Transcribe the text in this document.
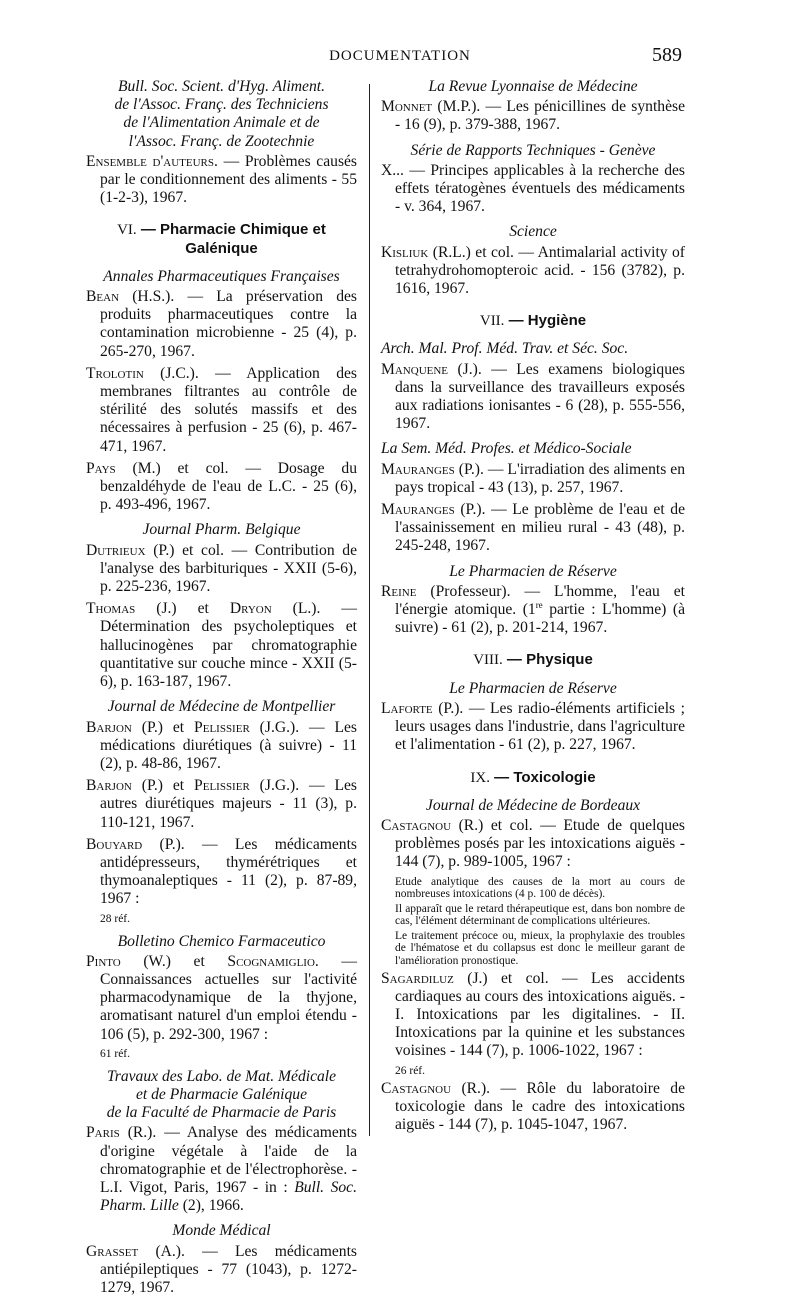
DOCUMENTATION	589
Bull. Soc. Scient. d'Hyg. Aliment.
de l'Assoc. Franç. des Techniciens
de l'Alimentation Animale et de
l'Assoc. Franç. de Zootechnie

Ensemble d'auteurs. — Problèmes causés par le conditionnement des aliments - 55 (1-2-3), 1967.

VI. — Pharmacie Chimique et Galénique
Annales Pharmaceutiques Françaises

Bean (H.S.). — La préservation des produits pharmaceutiques contre la contamination microbienne - 25 (4), p. 265-270, 1967.

Trolotin (J.C.). — Application des membranes filtrantes au contrôle de stérilité des solutés massifs et des nécessaires à perfusion - 25 (6), p. 467-471, 1967.

Pays (M.) et col. — Dosage du benzaldéhyde de l'eau de L.C. - 25 (6), p. 493-496, 1967.

Journal Pharm. Belgique

Dutrieux (P.) et col. — Contribution de l'analyse des barbituriques - XXII (5-6), p. 225-236, 1967.

Thomas (J.) et Dryon (L.). — Détermination des psycholeptiques et hallucinogènes par chromatographie quantitative sur couche mince - XXII (5-6), p. 163-187, 1967.

Journal de Médecine de Montpellier

Barjon (P.) et Pelissier (J.G.). — Les médications diurétiques (à suivre) - 11 (2), p. 48-86, 1967.

Barjon (P.) et Pelissier (J.G.). — Les autres diurétiques majeurs - 11 (3), p. 110-121, 1967.

Bouyard (P.). — Les médicaments antidépresseurs, thymérétriques et thymoanaleptiques - 11 (2), p. 87-89, 1967 :

28 réf.
Bolletino Chemico Farmaceutico

Pinto (W.) et Scognamiglio. — Connaissances actuelles sur l'activité pharmacodynamique de la thyjone, aromatisant naturel d'un emploi étendu - 106 (5), p. 292-300, 1967 :

61 réf.
Travaux des Labo. de Mat. Médicale
et de Pharmacie Galénique
de la Faculté de Pharmacie de Paris

Paris (R.). — Analyse des médicaments d'origine végétale à l'aide de la chromatographie et de l'électrophorèse. - L.I. Vigot, Paris, 1967 - in : Bull. Soc. Pharm. Lille (2), 1966.

Monde Médical

Grasset (A.). — Les médicaments antiépileptiques - 77 (1043), p. 1272-1279, 1967.

La Revue Lyonnaise de Médecine

Monnet (M.P.). — Les pénicillines de synthèse - 16 (9), p. 379-388, 1967.

Série de Rapports Techniques - Genève

X... — Principes applicables à la recherche des effets tératogènes éventuels des médicaments - v. 364, 1967.

Science

Kisliuk (R.L.) et col. — Antimalarial activity of tetrahydrohomopteroic acid. - 156 (3782), p. 1616, 1967.

VII. — Hygiène
Arch. Mal. Prof. Méd. Trav. et Séc. Soc.

Manquene (J.). — Les examens biologiques dans la surveillance des travailleurs exposés aux radiations ionisantes - 6 (28), p. 555-556, 1967.

La Sem. Méd. Profes. et Médico-Sociale

Mauranges (P.). — L'irradiation des aliments en pays tropical - 43 (13), p. 257, 1967.

Mauranges (P.). — Le problème de l'eau et de l'assainissement en milieu rural - 43 (48), p. 245-248, 1967.

Le Pharmacien de Réserve

Reine (Professeur). — L'homme, l'eau et l'énergie atomique. (1re partie : L'homme) (à suivre) - 61 (2), p. 201-214, 1967.

VIII. — Physique
Le Pharmacien de Réserve

Laforte (P.). — Les radio-éléments artificiels ; leurs usages dans l'industrie, dans l'agriculture et l'alimentation - 61 (2), p. 227, 1967.

IX. — Toxicologie
Journal de Médecine de Bordeaux

Castagnou (R.) et col. — Etude de quelques problèmes posés par les intoxications aiguës - 144 (7), p. 989-1005, 1967 :

Etude analytique des causes de la mort au cours de nombreuses intoxications (4 p. 100 de décès).

Il apparaît que le retard thérapeutique est, dans bon nombre de cas, l'élément déterminant de complications ultérieures.

Le traitement précoce ou, mieux, la prophylaxie des troubles de l'hématose et du collapsus est donc le meilleur garant de l'amélioration pronostique.

Sagardiluz (J.) et col. — Les accidents cardiaques au cours des intoxications aiguës. - I. Intoxications par les digitalines. - II. Intoxications par la quinine et les substances voisines - 144 (7), p. 1006-1022, 1967 :

26 réf.

Castagnou (R.). — Rôle du laboratoire de toxicologie dans le cadre des intoxications aiguës - 144 (7), p. 1045-1047, 1967.
